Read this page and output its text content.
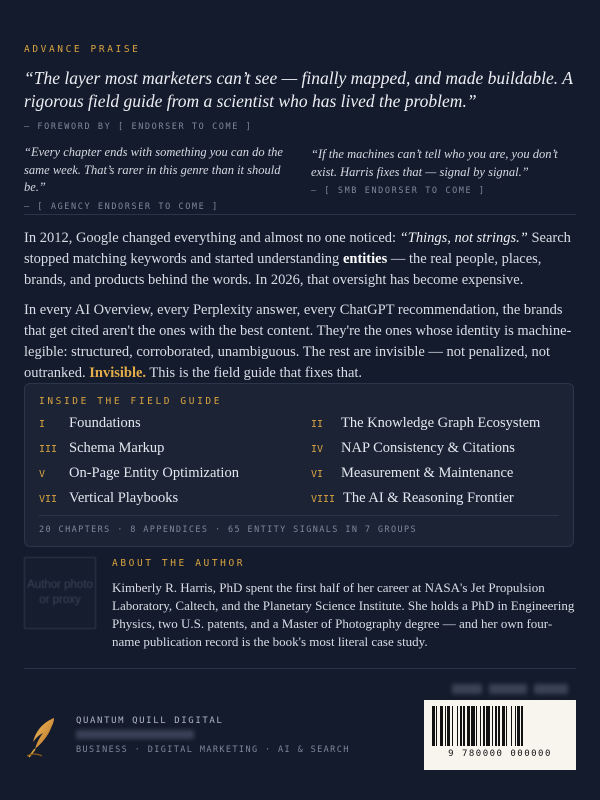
ADVANCE PRAISE
“The layer most marketers can’t see — finally mapped, and made buildable. A rigorous field guide from a scientist who has lived the problem.”
— FOREWORD BY [ ENDORSER TO COME ]
“Every chapter ends with something you can do the same week. That’s rarer in this genre than it should be.”
— [ AGENCY ENDORSER TO COME ]
“If the machines can’t tell who you are, you don’t exist. Harris fixes that — signal by signal.”
— [ SMB ENDORSER TO COME ]

In 2012, Google changed everything and almost no one noticed: “Things, not strings.” Search stopped matching keywords and started understanding entities — the real people, places, brands, and products behind the words. In 2026, that oversight has become expensive.

In every AI Overview, every Perplexity answer, every ChatGPT recommendation, the brands that get cited aren't the ones with the best content. They're the ones whose identity is machine-legible: structured, corroborated, unambiguous. The rest are invisible — not penalized, not outranked. Invisible. This is the field guide that fixes that.

INSIDE THE FIELD GUIDE
I	Foundations	II	The Knowledge Graph Ecosystem
III Schema Markup	IV	NAP Consistency & Citations
V	On-Page Entity Optimization	VI	Measurement & Maintenance
VII Vertical Playbooks	VIII The AI & Reasoning Frontier
20 CHAPTERS · 8 APPENDICES · 65 ENTITY SIGNALS IN 7 GROUPS
Author photo or proxy
ABOUT THE AUTHOR
Kimberly R. Harris, PhD spent the first half of her career at NASA's Jet Propulsion Laboratory, Caltech, and the Planetary Science Institute. She holds a PhD in Engineering Physics, two U.S. patents, and a Master of Photography degree — and her own four-name publication record is the book's most literal case study.
QUANTUM QUILL DIGITAL
BUSINESS · DIGITAL MARKETING · AI & SEARCH	9 780000 000000
